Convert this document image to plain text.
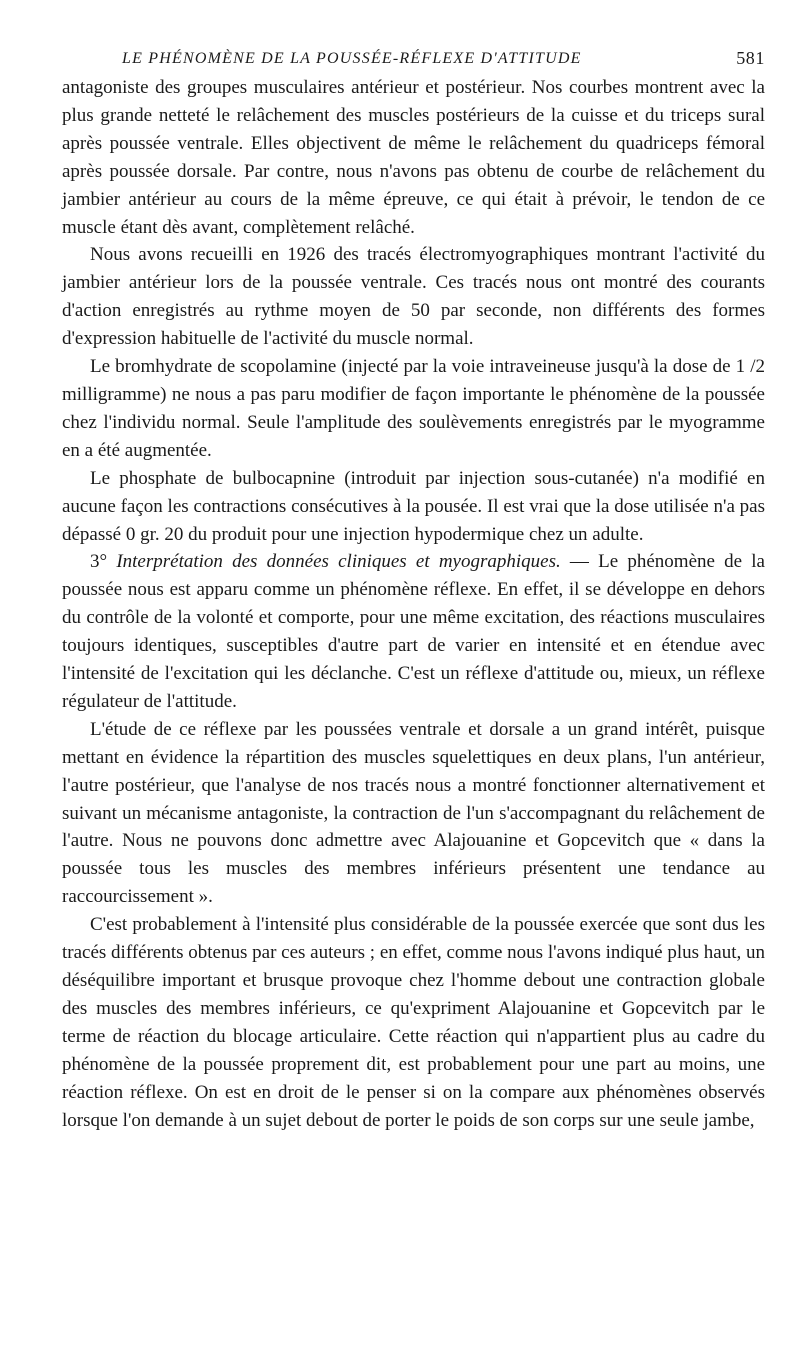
LE PHÉNOMÈNE DE LA POUSSÉE-RÉFLEXE D'ATTITUDE	581

antagoniste des groupes musculaires antérieur et postérieur. Nos courbes montrent avec la plus grande netteté le relâchement des muscles postérieurs de la cuisse et du triceps sural après poussée ventrale. Elles objectivent de même le relâchement du quadriceps fémoral après poussée dorsale. Par contre, nous n'avons pas obtenu de courbe de relâchement du jambier antérieur au cours de la même épreuve, ce qui était à prévoir, le tendon de ce muscle étant dès avant, complètement relâché.

Nous avons recueilli en 1926 des tracés électromyographiques montrant l'activité du jambier antérieur lors de la poussée ventrale. Ces tracés nous ont montré des courants d'action enregistrés au rythme moyen de 50 par seconde, non différents des formes d'expression habituelle de l'activité du muscle normal.

Le bromhydrate de scopolamine (injecté par la voie intraveineuse jusqu'à la dose de 1 /2 milligramme) ne nous a pas paru modifier de façon importante le phénomène de la poussée chez l'individu normal. Seule l'amplitude des soulèvements enregistrés par le myogramme en a été augmentée.

Le phosphate de bulbocapnine (introduit par injection sous-cutanée) n'a modifié en aucune façon les contractions consécutives à la pousée. Il est vrai que la dose utilisée n'a pas dépassé 0 gr. 20 du produit pour une injection hypodermique chez un adulte.

3° Interprétation des données cliniques et myographiques. — Le phénomène de la poussée nous est apparu comme un phénomène réflexe. En effet, il se développe en dehors du contrôle de la volonté et comporte, pour une même excitation, des réactions musculaires toujours identiques, susceptibles d'autre part de varier en intensité et en étendue avec l'intensité de l'excitation qui les déclanche. C'est un réflexe d'attitude ou, mieux, un réflexe régulateur de l'attitude.

L'étude de ce réflexe par les poussées ventrale et dorsale a un grand intérêt, puisque mettant en évidence la répartition des muscles squelettiques en deux plans, l'un antérieur, l'autre postérieur, que l'analyse de nos tracés nous a montré fonctionner alternativement et suivant un mécanisme antagoniste, la contraction de l'un s'accompagnant du relâchement de l'autre. Nous ne pouvons donc admettre avec Alajouanine et Gopcevitch que « dans la poussée tous les muscles des membres inférieurs présentent une tendance au raccourcissement ».

C'est probablement à l'intensité plus considérable de la poussée exercée que sont dus les tracés différents obtenus par ces auteurs ; en effet, comme nous l'avons indiqué plus haut, un déséquilibre important et brusque provoque chez l'homme debout une contraction globale des muscles des membres inférieurs, ce qu'expriment Alajouanine et Gopcevitch par le terme de réaction du blocage articulaire. Cette réaction qui n'appartient plus au cadre du phénomène de la poussée proprement dit, est probablement pour une part au moins, une réaction réflexe. On est en droit de le penser si on la compare aux phénomènes observés lorsque l'on demande à un sujet debout de porter le poids de son corps sur une seule jambe,
